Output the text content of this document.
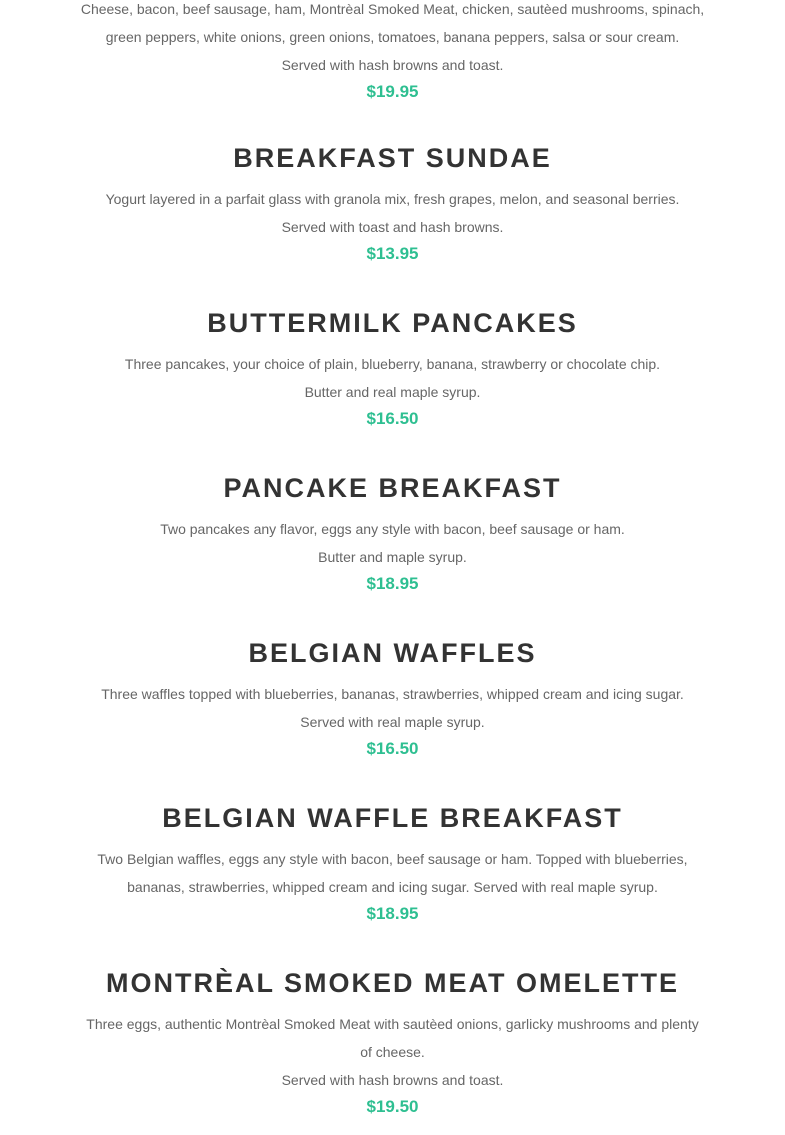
Cheese, bacon, beef sausage, ham, Montrèal Smoked Meat, chicken, sautèed mushrooms, spinach,
green peppers, white onions, green onions, tomatoes, banana peppers, salsa or sour cream.
Served with hash browns and toast.
$19.95
BREAKFAST SUNDAE
Yogurt layered in a parfait glass with granola mix, fresh grapes, melon, and seasonal berries.
Served with toast and hash browns.
$13.95
BUTTERMILK PANCAKES
Three pancakes, your choice of plain, blueberry, banana, strawberry or chocolate chip.
Butter and real maple syrup.
$16.50
PANCAKE BREAKFAST
Two pancakes any flavor, eggs any style with bacon, beef sausage or ham.
Butter and maple syrup.
$18.95
BELGIAN WAFFLES
Three waffles topped with blueberries, bananas, strawberries, whipped cream and icing sugar.
Served with real maple syrup.
$16.50
BELGIAN WAFFLE BREAKFAST
Two Belgian waffles, eggs any style with bacon, beef sausage or ham. Topped with blueberries,
bananas, strawberries, whipped cream and icing sugar. Served with real maple syrup.
$18.95
MONTRÈAL SMOKED MEAT OMELETTE
Three eggs, authentic Montrèal Smoked Meat with sautèed onions, garlicky mushrooms and plenty
of cheese.
Served with hash browns and toast.
$19.50
